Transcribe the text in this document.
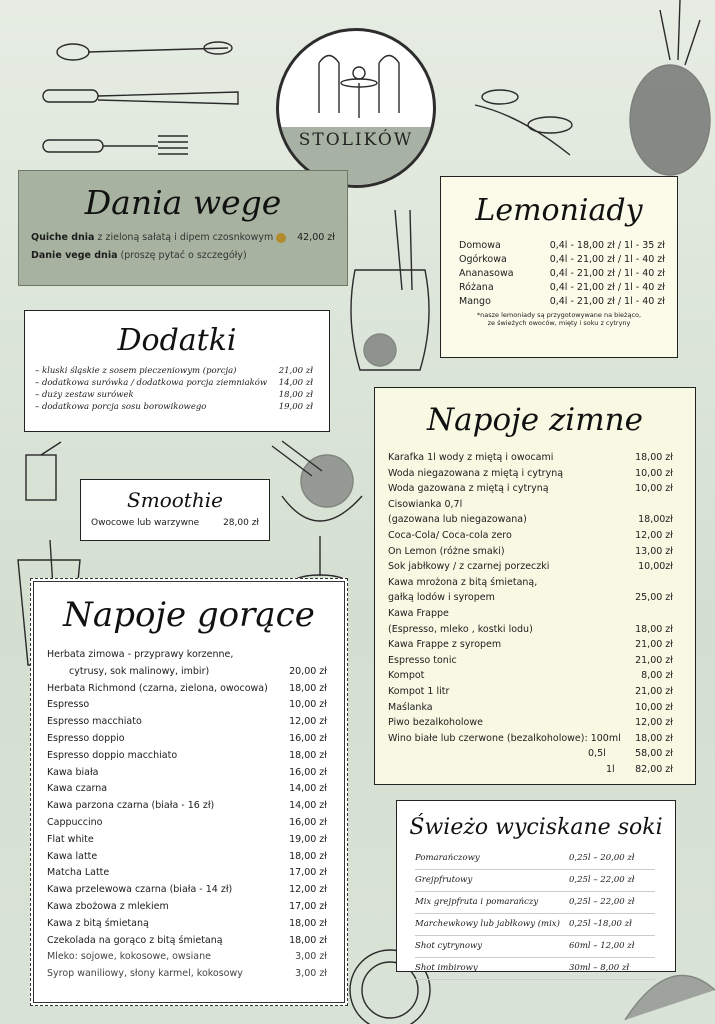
STOLIKÓW
Dania wege
Quiche dnia z zieloną sałatą i dipem czosnkowym	42,00 zł
Danie vege dnia (proszę pytać o szczegóły)
Lemoniady
Domowa	0,4l - 18,00 zł / 1l - 35 zł
Ogórkowa	0,4l - 21,00 zł / 1l - 40 zł
Ananasowa	0,4l - 21,00 zł / 1l - 40 zł
Różana	0,4l - 21,00 zł / 1l - 40 zł
Mango	0,4l - 21,00 zł / 1l - 40 zł
*nasze lemoniady są przygotowywane na bieżąco,
ze świeżych owoców, mięty i soku z cytryny
Dodatki
– kluski śląskie z sosem pieczeniowym (porcja)	21,00 zł
– dodatkowa surówka / dodatkowa porcja ziemniaków 14,00 zł
– duży zestaw surówek	18,00 zł
– dodatkowa porcja sosu borowikowego	19,00 zł
Smoothie
Owocowe lub warzywne	28,00 zł
Napoje zimne
Karafka 1l wody z miętą i owocami	18,00 zł
Woda niegazowana z miętą i cytryną	10,00 zł
Woda gazowana z miętą i cytryną	10,00 zł
Cisowianka 0,7l
(gazowana lub niegazowana)	18,00zł
Coca-Cola/ Coca-cola zero	12,00 zł
On Lemon (różne smaki)	13,00 zł
Sok jabłkowy / z czarnej porzeczki	10,00zł
Kawa mrożona z bitą śmietaną,
gałką lodów i syropem	25,00 zł
Kawa Frappe
(Espresso, mleko , kostki lodu)	18,00 zł
Kawa Frappe z syropem	21,00 zł
Espresso tonic	21,00 zł
Kompot	8,00 zł
Kompot 1 litr	21,00 zł
Maślanka	10,00 zł
Piwo bezalkoholowe	12,00 zł
Wino białe lub czerwone (bezalkoholowe): 100ml 18,00 zł
0,5l	58,00 zł
1l 82,00 zł
Napoje gorące
Herbata zimowa - przyprawy korzenne,
cytrusy, sok malinowy, imbir)	20,00 zł
Herbata Richmond (czarna, zielona, owocowa) 18,00 zł
Espresso	10,00 zł
Espresso macchiato	12,00 zł
Espresso doppio	16,00 zł
Espresso doppio macchiato	18,00 zł
Kawa biała	16,00 zł
Kawa czarna	14,00 zł
Kawa parzona czarna (biała - 16 zł)	14,00 zł
Cappuccino	16,00 zł
Flat white	19,00 zł
Kawa latte	18,00 zł
Matcha Latte	17,00 zł
Kawa przelewowa czarna (biała - 14 zł)	12,00 zł
Kawa zbożowa z mlekiem	17,00 zł
Kawa z bitą śmietaną	18,00 zł
Czekolada na gorąco z bitą śmietaną	18,00 zł
Mleko: sojowe, kokosowe, owsiane	3,00 zł
Syrop waniliowy, słony karmel, kokosowy	3,00 zł
Świeżo wyciskane soki
Pomarańczowy	0,25l – 20,00 zł
Grejpfrutowy	0,25l – 22,00 zł
Mix grejpfruta i pomarańczy	0,25l – 22,00 zł
Marchewkowy lub jabłkowy (mix) 0,25l –18,00 zł
Shot cytrynowy	60ml – 12,00 zł
Shot imbirowy	30ml – 8,00 zł
